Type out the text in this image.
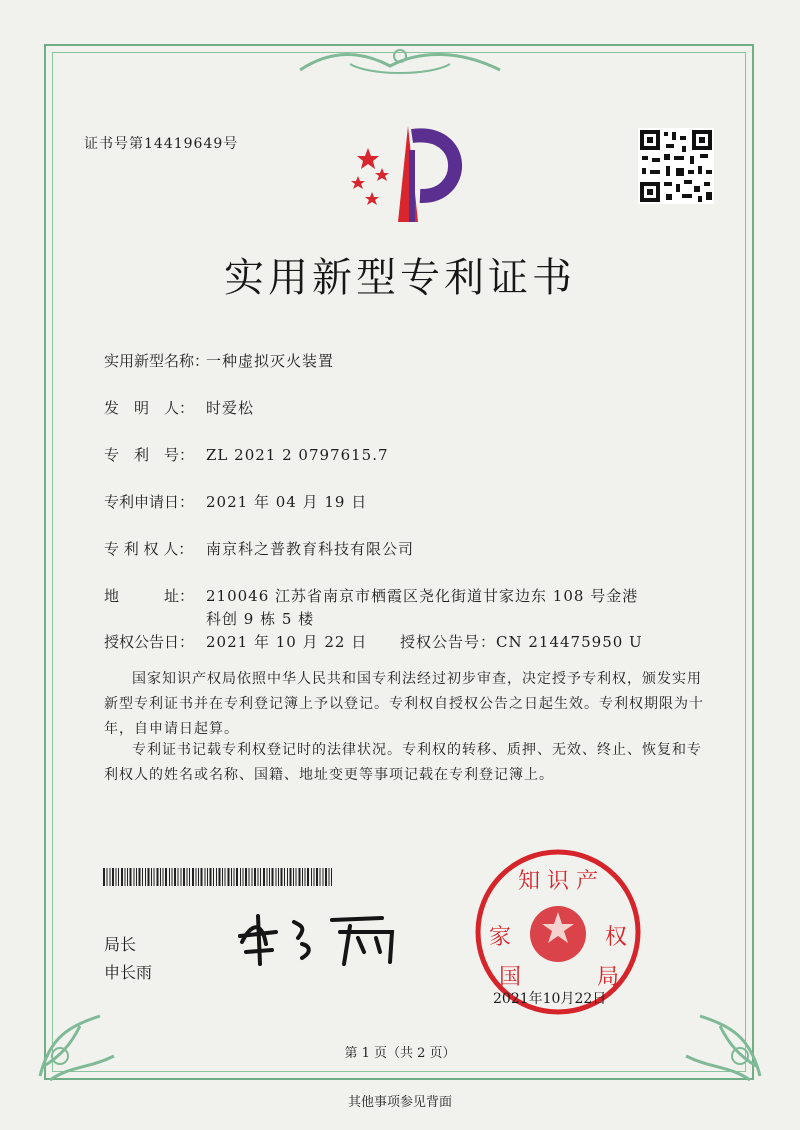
证书号第14419649号
实用新型专利证书
实用新型名称：一种虚拟灭火装置
发　明　人： 时爱松
专　利　号： ZL 2021 2 0797615.7
专利申请日： 2021 年 04 月 19 日
专 利 权 人： 南京科之普教育科技有限公司
地　　　址： 210046 江苏省南京市栖霞区尧化街道甘家边东 108 号金港
科创 9 栋 5 楼
授权公告日： 2021 年 10 月 22 日 授权公告号：CN 214475950 U
国家知识产权局依照中华人民共和国专利法经过初步审查，决定授予专利权，颁发实用新型专利证书并在专利登记簿上予以登记。专利权自授权公告之日起生效。专利权期限为十年，自申请日起算。
专利证书记载专利权登记时的法律状况。专利权的转移、质押、无效、终止、恢复和专利权人的姓名或名称、国籍、地址变更等事项记载在专利登记簿上。
局长
申长雨
知 识 产
家	权
国	局
2021年10月22日
第 1 页（共 2 页）
其他事项参见背面
